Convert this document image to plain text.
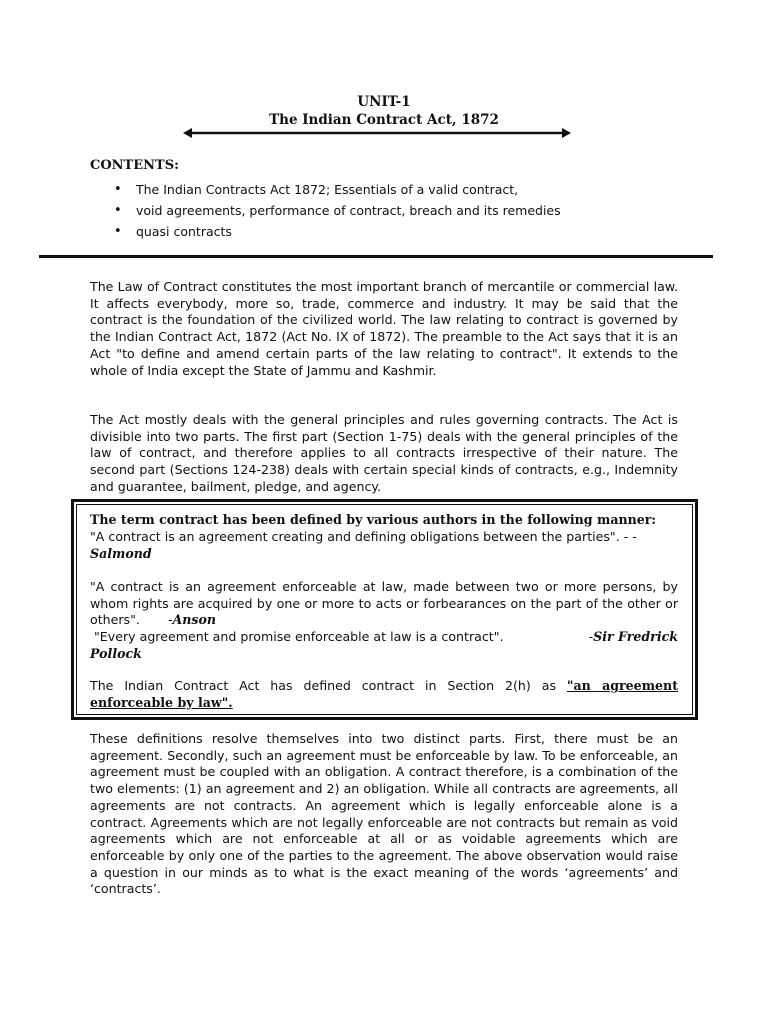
UNIT-1
The Indian Contract Act, 1872
CONTENTS:
• The Indian Contracts Act 1872; Essentials of a valid contract,
• void agreements, performance of contract, breach and its remedies
• quasi contracts

The Law of Contract constitutes the most important branch of mercantile or commercial law. It affects everybody, more so, trade, commerce and industry. It may be said that the contract is the foundation of the civilized world. The law relating to contract is governed by the Indian Contract Act, 1872 (Act No. IX of 1872). The preamble to the Act says that it is an Act "to define and amend certain parts of the law relating to contract". It extends to the whole of India except the State of Jammu and Kashmir.

The Act mostly deals with the general principles and rules governing contracts. The Act is divisible into two parts. The first part (Section 1-75) deals with the general principles of the law of contract, and therefore applies to all contracts irrespective of their nature. The second part (Sections 124-238) deals with certain special kinds of contracts, e.g., Indemnity and guarantee, bailment, pledge, and agency.

The term contract has been defined by various authors in the following manner:

"A contract is an agreement creating and defining obligations between the parties". - -
Salmond

"A contract is an agreement enforceable at law, made between two or more persons, by whom rights are acquired by one or more to acts or forbearances on the part of the other or others". -Anson

-Sir Fredrick
"Every agreement and promise enforceable at law is a contract".
Pollock

The Indian Contract Act has defined contract in Section 2(h) as "an agreement enforceable by law".

These definitions resolve themselves into two distinct parts. First, there must be an agreement. Secondly, such an agreement must be enforceable by law. To be enforceable, an agreement must be coupled with an obligation. A contract therefore, is a combination of the two elements: (1) an agreement and 2) an obligation. While all contracts are agreements, all agreements are not contracts. An agreement which is legally enforceable alone is a contract. Agreements which are not legally enforceable are not contracts but remain as void agreements which are not enforceable at all or as voidable agreements which are enforceable by only one of the parties to the agreement. The above observation would raise a question in our minds as to what is the exact meaning of the words ‘agreements’ and ‘contracts’.
